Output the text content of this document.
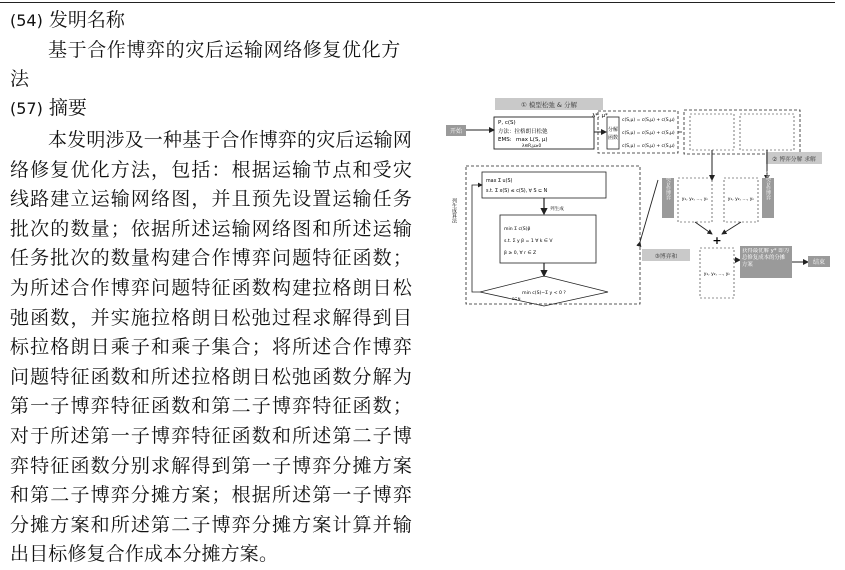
(54) 发明名称
基于合作博弈的灾后运输网络修复优化方法
(57) 摘要
本发明涉及一种基于合作博弈的灾后运输网络修复优化方法，包括：根据运输节点和受灾线路建立运输网络图，并且预先设置运输任务批次的数量；依据所述运输网络图和所述运输任务批次的数量构建合作博弈问题特征函数；为所述合作博弈问题特征函数构建拉格朗日松弛函数，并实施拉格朗日松弛过程求解得到目标拉格朗日乘子和乘子集合；将所述合作博弈问题特征函数和所述拉格朗日松弛函数分解为第一子博弈特征函数和第二子博弈特征函数；对于所述第一子博弈特征函数和所述第二子博弈特征函数分别求解得到第一子博弈分摊方案和第二子博弈分摊方案；根据所述第一子博弈分摊方案和所述第二子博弈分摊方案计算并输出目标修复合作成本分摊方案。
① 模型松弛 & 分解
开始
P, c(S)
方法：拉格朗日松弛
EMS: max L(S, μ)
λ∈R,μ≥0
λ*, μ*
分解
函数
c(S,μ) = c(S,μ) + c(S,μ)
c(S,μ) = c(S,μ) + c(S,μ)
c(S,μ) = c(S,μ) + c(S,μ)
② 博弈分解 求解
交换合作博弈 y₁, y₂, …, yₙ	y₁, y₂, …, yₙ 交换合作博弈
+
③博弈和
y₁, y₂, …, yₙ
获得最优解 y* 即为总修复成本的分摊方案	结束
列生成算法
max Σ u(S)
s.t. Σ x(S) ≤ c(S), ∀ S ⊆ N
列生成
min Σ c(S)β
s.t. Σ y β = 1 ∀ k ∈ V
β ≥ 0, ∀ r ∈ Z
min c(S)−Σ y < 0 ?
S⊆N
